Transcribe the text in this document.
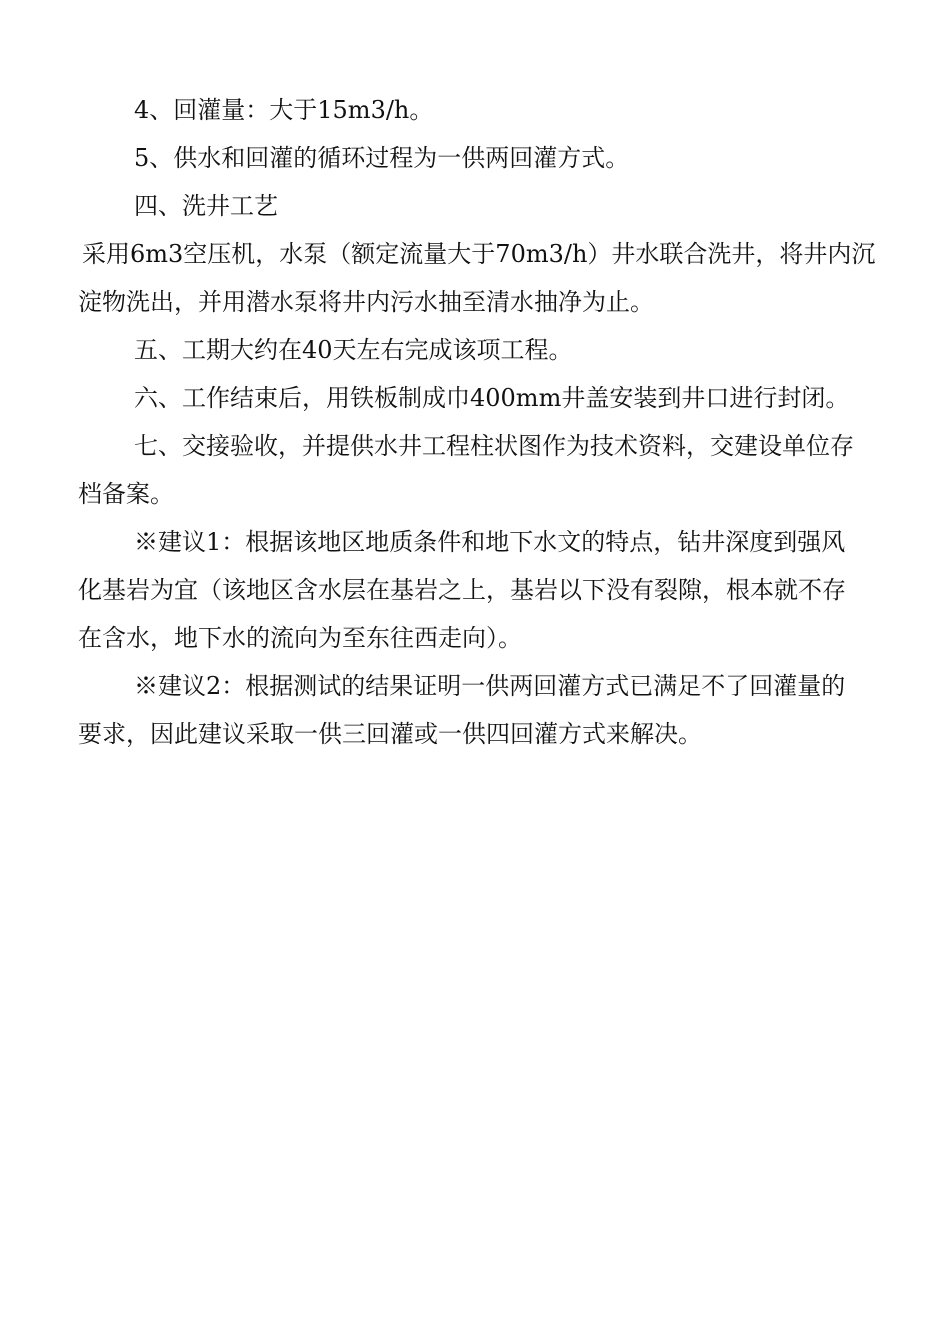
4、回灌量：大于15m3/h。

5、供水和回灌的循环过程为一供两回灌方式。

四、洗井工艺

采用6m3空压机，水泵（额定流量大于70m3/h）井水联合洗井，将井内沉
淀物洗出，并用潜水泵将井内污水抽至清水抽净为止。

五、工期大约在40天左右完成该项工程。

六、工作结束后，用铁板制成巾400mm井盖安装到井口进行封闭。

七、交接验收，并提供水井工程柱状图作为技术资料，交建设单位存
档备案。

※建议1：根据该地区地质条件和地下水文的特点，钻井深度到强风
化基岩为宜（该地区含水层在基岩之上，基岩以下没有裂隙，根本就不存
在含水，地下水的流向为至东往西走向）。

※建议2：根据测试的结果证明一供两回灌方式已满足不了回灌量的
要求，因此建议采取一供三回灌或一供四回灌方式来解决。
